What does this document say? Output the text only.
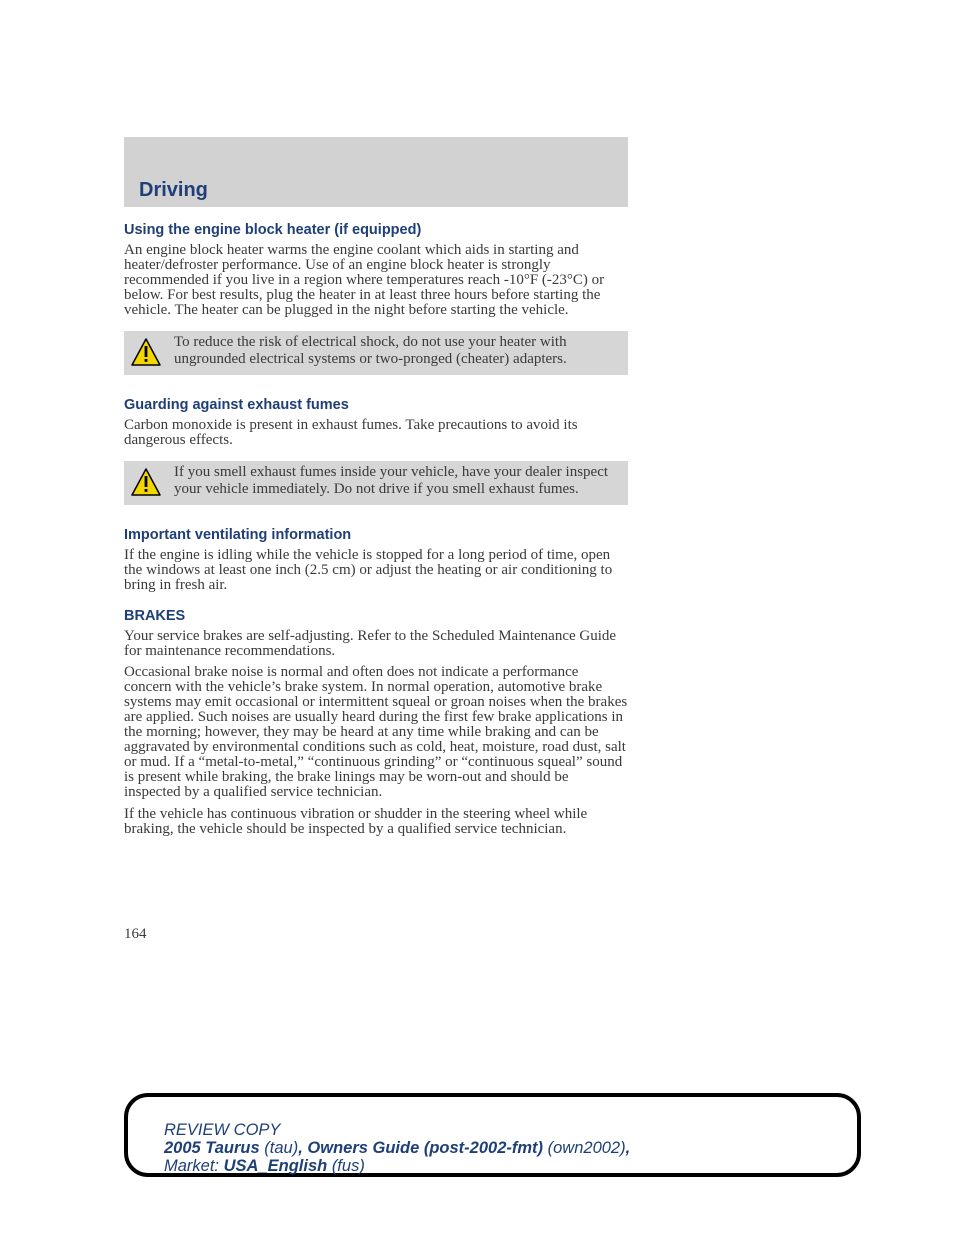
Driving
Using the engine block heater (if equipped)

An engine block heater warms the engine coolant which aids in starting and heater/defroster performance. Use of an engine block heater is strongly recommended if you live in a region where temperatures reach -10°F (-23°C) or below. For best results, plug the heater in at least three hours before starting the vehicle. The heater can be plugged in the night before starting the vehicle.

To reduce the risk of electrical shock, do not use your heater with ungrounded electrical systems or two-pronged (cheater) adapters.
Guarding against exhaust fumes

Carbon monoxide is present in exhaust fumes. Take precautions to avoid its dangerous effects.

If you smell exhaust fumes inside your vehicle, have your dealer inspect your vehicle immediately. Do not drive if you smell exhaust fumes.
Important ventilating information

If the engine is idling while the vehicle is stopped for a long period of time, open the windows at least one inch (2.5 cm) or adjust the heating or air conditioning to bring in fresh air.

BRAKES

Your service brakes are self-adjusting. Refer to the Scheduled Maintenance Guide for maintenance recommendations.

Occasional brake noise is normal and often does not indicate a performance concern with the vehicle’s brake system. In normal operation, automotive brake systems may emit occasional or intermittent squeal or groan noises when the brakes are applied. Such noises are usually heard during the first few brake applications in the morning; however, they may be heard at any time while braking and can be aggravated by environmental conditions such as cold, heat, moisture, road dust, salt or mud. If a “metal-to-metal,” “continuous grinding” or “continuous squeal” sound is present while braking, the brake linings may be worn-out and should be inspected by a qualified service technician.

If the vehicle has continuous vibration or shudder in the steering wheel while braking, the vehicle should be inspected by a qualified service technician.

164
REVIEW COPY
2005 Taurus (tau), Owners Guide (post-2002-fmt) (own2002),
Market: USA_English (fus)
